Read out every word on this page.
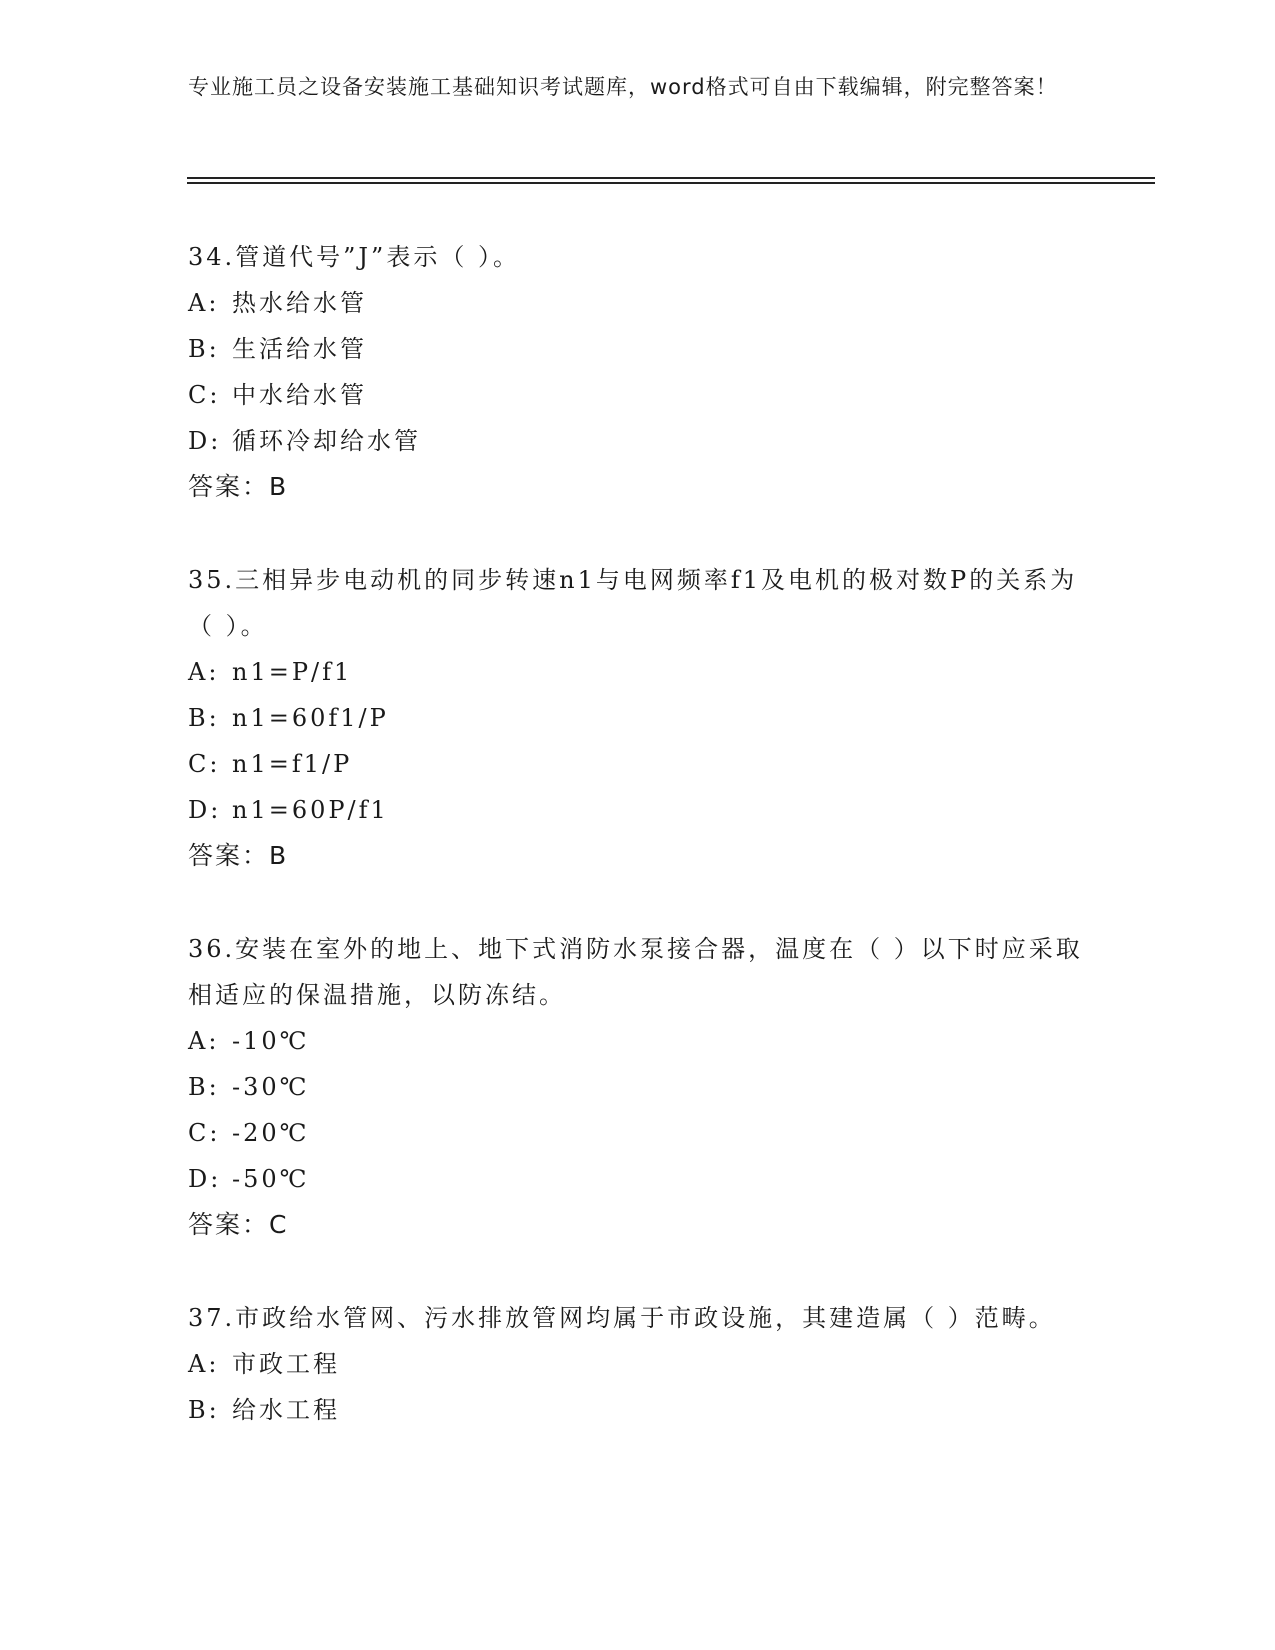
专业施工员之设备安装施工基础知识考试题库，word格式可自由下载编辑，附完整答案！
34.管道代号”J”表示（ ）。
A: 热水给水管
B: 生活给水管
C: 中水给水管
D: 循环冷却给水管
答案：B
35.三相异步电动机的同步转速n1与电网频率f1及电机的极对数P的关系为（ ）。
A: n1=P/f1
B: n1=60f1/P
C: n1=f1/P
D: n1=60P/f1
答案：B
36.安装在室外的地上、地下式消防水泵接合器，温度在（ ）以下时应采取相适应的保温措施，以防冻结。
A: -10℃
B: -30℃
C: -20℃
D: -50℃
答案：C
37.市政给水管网、污水排放管网均属于市政设施，其建造属（ ）范畴。
A: 市政工程
B: 给水工程
